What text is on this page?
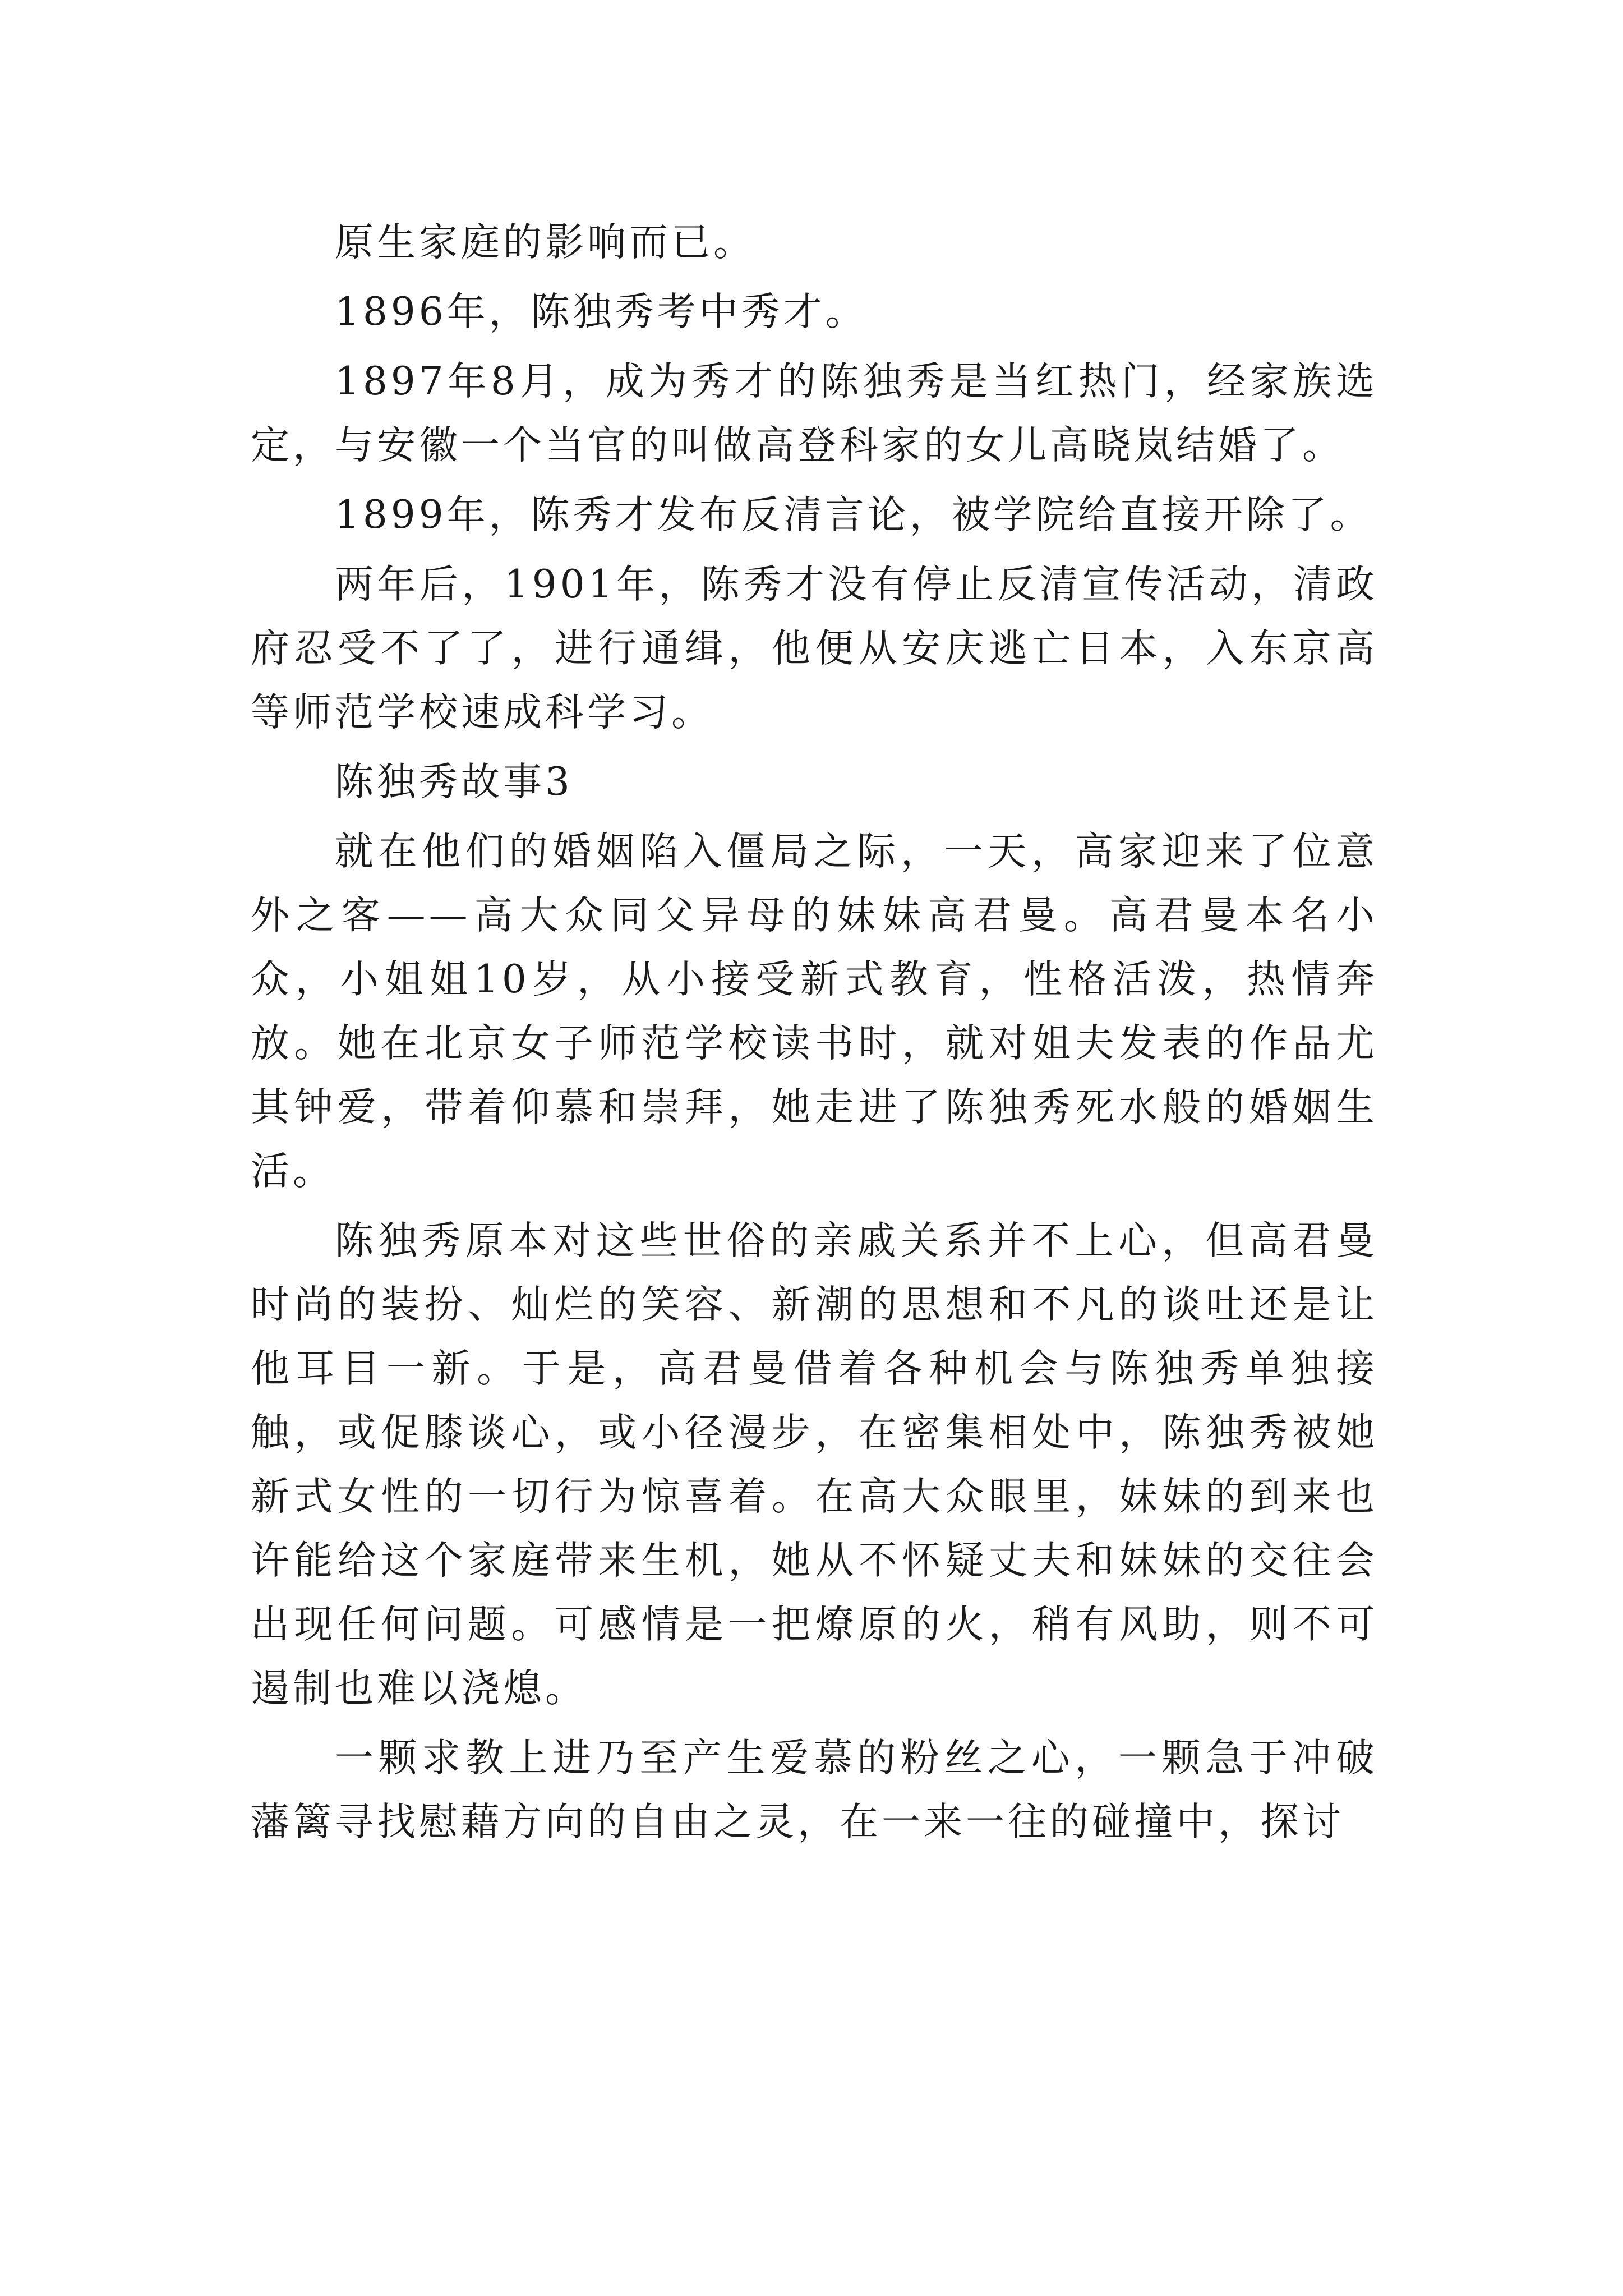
原生家庭的影响而已。

1896年，陈独秀考中秀才。

1897年8月，成为秀才的陈独秀是当红热门，经家族选定，与安徽一个当官的叫做高登科家的女儿高晓岚结婚了。

1899年，陈秀才发布反清言论，被学院给直接开除了。

两年后，1901年，陈秀才没有停止反清宣传活动，清政府忍受不了了，进行通缉，他便从安庆逃亡日本，入东京高等师范学校速成科学习。

陈独秀故事3

就在他们的婚姻陷入僵局之际，一天，高家迎来了位意外之客——高大众同父异母的妹妹高君曼。高君曼本名小众，小姐姐10岁，从小接受新式教育，性格活泼，热情奔放。她在北京女子师范学校读书时，就对姐夫发表的作品尤其钟爱，带着仰慕和崇拜，她走进了陈独秀死水般的婚姻生活。

陈独秀原本对这些世俗的亲戚关系并不上心，但高君曼时尚的装扮、灿烂的笑容、新潮的思想和不凡的谈吐还是让他耳目一新。于是，高君曼借着各种机会与陈独秀单独接触，或促膝谈心，或小径漫步，在密集相处中，陈独秀被她新式女性的一切行为惊喜着。在高大众眼里，妹妹的到来也许能给这个家庭带来生机，她从不怀疑丈夫和妹妹的交往会出现任何问题。可感情是一把燎原的火，稍有风助，则不可遏制也难以浇熄。

一颗求教上进乃至产生爱慕的粉丝之心，一颗急于冲破藩篱寻找慰藉方向的自由之灵，在一来一往的碰撞中，探讨
